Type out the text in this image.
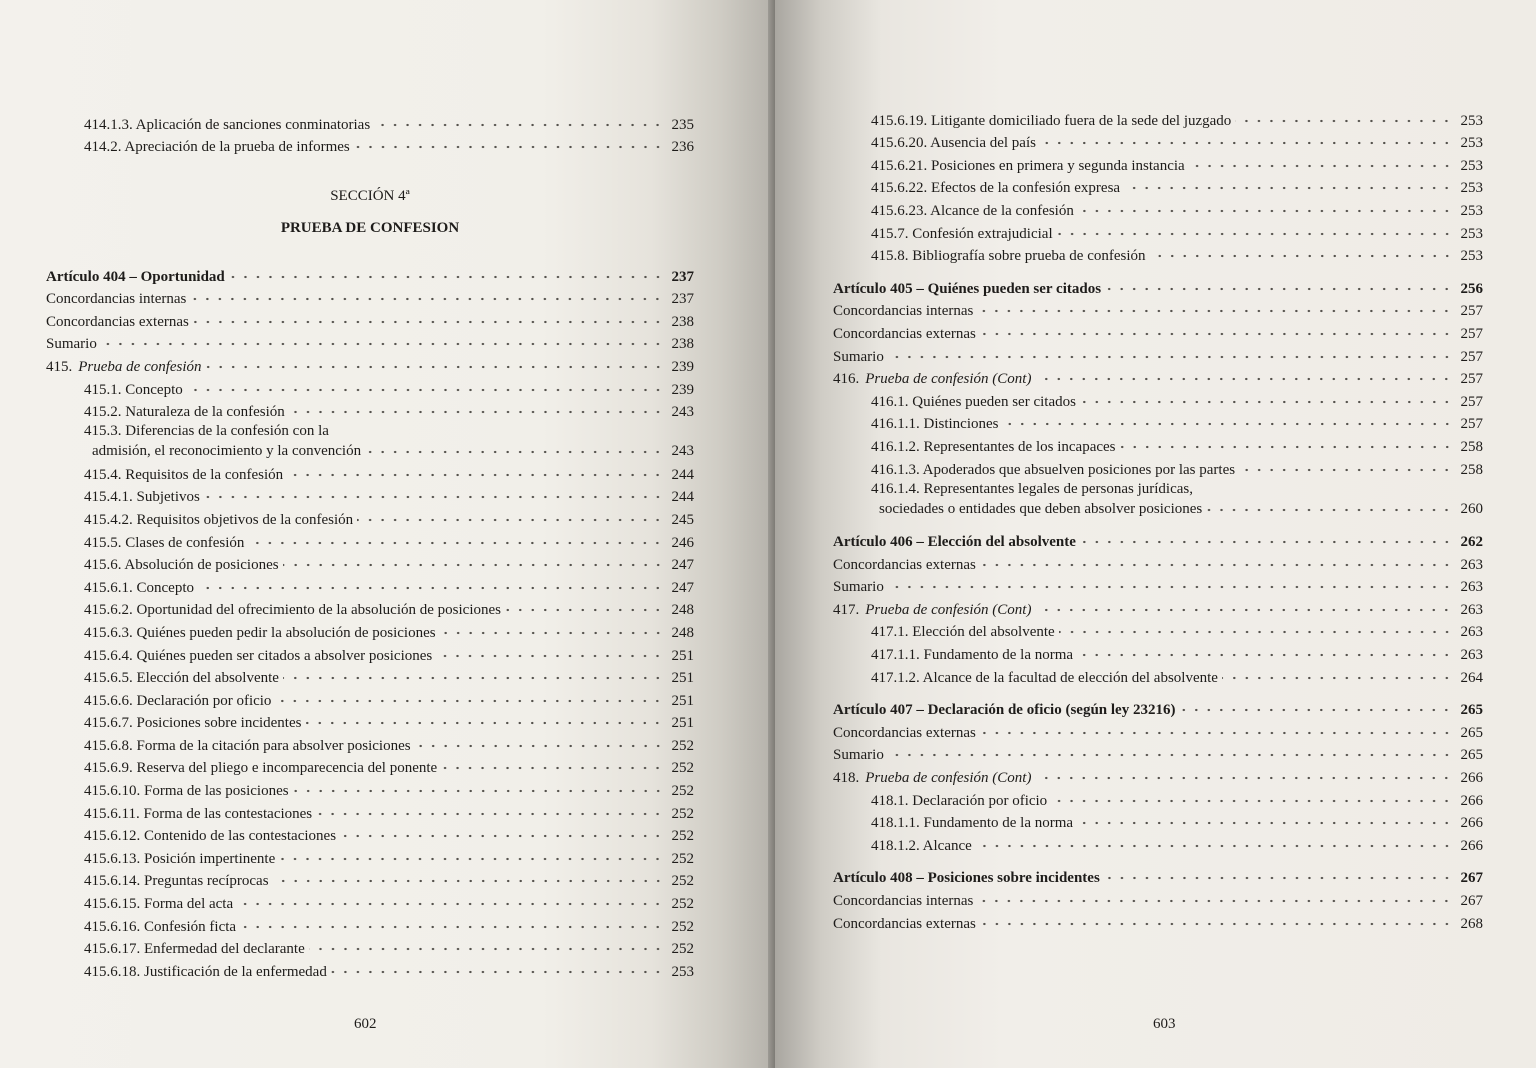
414.1.3. Aplicación de sanciones conminatorias	235
414.2. Apreciación de la prueba de informes	236
SECCIÓN 4ª
PRUEBA DE CONFESION
Artículo 404 – Oportunidad	237
Concordancias internas	237
Concordancias externas	238
Sumario	238
415. Prueba de confesión	239
415.1. Concepto	239
415.2. Naturaleza de la confesión	243
415.3. Diferencias de la confesión con la
admisión, el reconocimiento y la convención	243
415.4. Requisitos de la confesión	244
415.4.1. Subjetivos	244
415.4.2. Requisitos objetivos de la confesión	245
415.5. Clases de confesión	246
415.6. Absolución de posiciones	247
415.6.1. Concepto	247
415.6.2. Oportunidad del ofrecimiento de la absolución de posiciones	248
415.6.3. Quiénes pueden pedir la absolución de posiciones	248
415.6.4. Quiénes pueden ser citados a absolver posiciones	251
415.6.5. Elección del absolvente	251
415.6.6. Declaración por oficio	251
415.6.7. Posiciones sobre incidentes	251
415.6.8. Forma de la citación para absolver posiciones	252
415.6.9. Reserva del pliego e incomparecencia del ponente	252
415.6.10. Forma de las posiciones	252
415.6.11. Forma de las contestaciones	252
415.6.12. Contenido de las contestaciones	252
415.6.13. Posición impertinente	252
415.6.14. Preguntas recíprocas	252
415.6.15. Forma del acta	252
415.6.16. Confesión ficta	252
415.6.17. Enfermedad del declarante	252
415.6.18. Justificación de la enfermedad	253
602
415.6.19. Litigante domiciliado fuera de la sede del juzgado	253
415.6.20. Ausencia del país	253
415.6.21. Posiciones en primera y segunda instancia	253
415.6.22. Efectos de la confesión expresa	253
415.6.23. Alcance de la confesión	253
415.7. Confesión extrajudicial	253
415.8. Bibliografía sobre prueba de confesión	253
Artículo 405 – Quiénes pueden ser citados	256
Concordancias internas	257
Concordancias externas	257
Sumario	257
416. Prueba de confesión (Cont)	257
416.1. Quiénes pueden ser citados	257
416.1.1. Distinciones	257
416.1.2. Representantes de los incapaces	258
416.1.3. Apoderados que absuelven posiciones por las partes	258
416.1.4. Representantes legales de personas jurídicas,
sociedades o entidades que deben absolver posiciones	260
Artículo 406 – Elección del absolvente	262
Concordancias externas	263
Sumario	263
417. Prueba de confesión (Cont)	263
417.1. Elección del absolvente	263
417.1.1. Fundamento de la norma	263
417.1.2. Alcance de la facultad de elección del absolvente	264
Artículo 407 – Declaración de oficio (según ley 23216)	265
Concordancias externas	265
Sumario	265
418. Prueba de confesión (Cont)	266
418.1. Declaración por oficio	266
418.1.1. Fundamento de la norma	266
418.1.2. Alcance	266
Artículo 408 – Posiciones sobre incidentes	267
Concordancias internas	267
Concordancias externas	268
603
